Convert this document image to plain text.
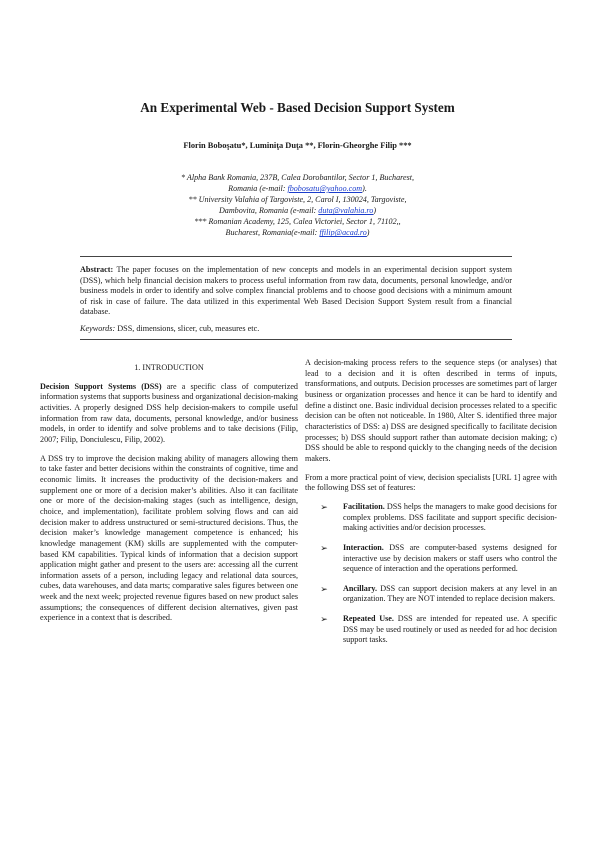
An Experimental Web - Based Decision Support System
Florin Boboşatu*, Luminiţa Duţa **, Florin-Gheorghe Filip ***
* Alpha Bank Romania, 237B, Calea Dorobantilor, Sector 1, Bucharest,
Romania (e-mail: fbobosatu@yahoo.com).
** University Valahia of Targoviste, 2, Carol I, 130024, Targoviste,
Dambovita, Romania (e-mail: duta@valahia.ro)
*** Romanian Academy, 125, Calea Victoriei, Sector 1, 71102,,
Bucharest, Romania(e-mail: ffilip@acad.ro)

Abstract: The paper focuses on the implementation of new concepts and models in an experimental decision support system (DSS), which help financial decision makers to process useful information from raw data, documents, personal knowledge, and/or business models in order to identify and solve complex financial problems and to choose good decisions with a minimum amount of risk in case of failure. The data utilized in this experimental Web Based Decision Support System result from a financial database.

Keywords: DSS, dimensions, slicer, cub, measures etc.

1. INTRODUCTION

Decision Support Systems (DSS) are a specific class of computerized information systems that supports business and organizational decision-making activities. A properly designed DSS help decision-makers to compile useful information from raw data, documents, personal knowledge, and/or business models, in order to identify and solve problems and to take decisions (Filip, 2007; Filip, Donciulescu, Filip, 2002).

A DSS try to improve the decision making ability of managers allowing them to take faster and better decisions within the constraints of cognitive, time and economic limits. It increases the productivity of the decision-makers and supplement one or more of a decision maker’s abilities. Also it can facilitate one or more of the decision-making stages (such as intelligence, design, choice, and implementation), facilitate problem solving flows and can aid decision maker to address unstructured or semi-structured decisions. Thus, the decision maker’s knowledge management competence is enhanced; his knowledge management (KM) skills are supplemented with the computer-based KM capabilities. Typical kinds of information that a decision support application might gather and present to the users are: accessing all the current information assets of a person, including legacy and relational data sources, cubes, data warehouses, and data marts; comparative sales figures between one week and the next week; projected revenue figures based on new product sales assumptions; the consequences of different decision alternatives, given past experience in a context that is described.

A decision-making process refers to the sequence steps (or analyses) that lead to a decision and it is often described in terms of inputs, transformations, and outputs. Decision processes are sometimes part of larger business or organization processes and hence it can be hard to identify and define a distinct one. Basic individual decision processes related to a specific decision can be often not noticeable. In 1980, Alter S. identified three major characteristics of DSS: a) DSS are designed specifically to facilitate decision processes; b) DSS should support rather than automate decision making; c) DSS should be able to respond quickly to the changing needs of the decision makers.

From a more practical point of view, decision specialists [URL 1] agree with the following DSS set of features:

➢	Facilitation. DSS helps the managers to make good decisions for complex problems. DSS facilitate and support specific decision-making activities and/or decision processes.
➢	Interaction. DSS are computer-based systems designed for interactive use by decision makers or staff users who control the sequence of interaction and the operations performed.
➢	Ancillary. DSS can support decision makers at any level in an organization. They are NOT intended to replace decision makers.
➢	Repeated Use. DSS are intended for repeated use. A specific DSS may be used routinely or used as needed for ad hoc decision support tasks.
